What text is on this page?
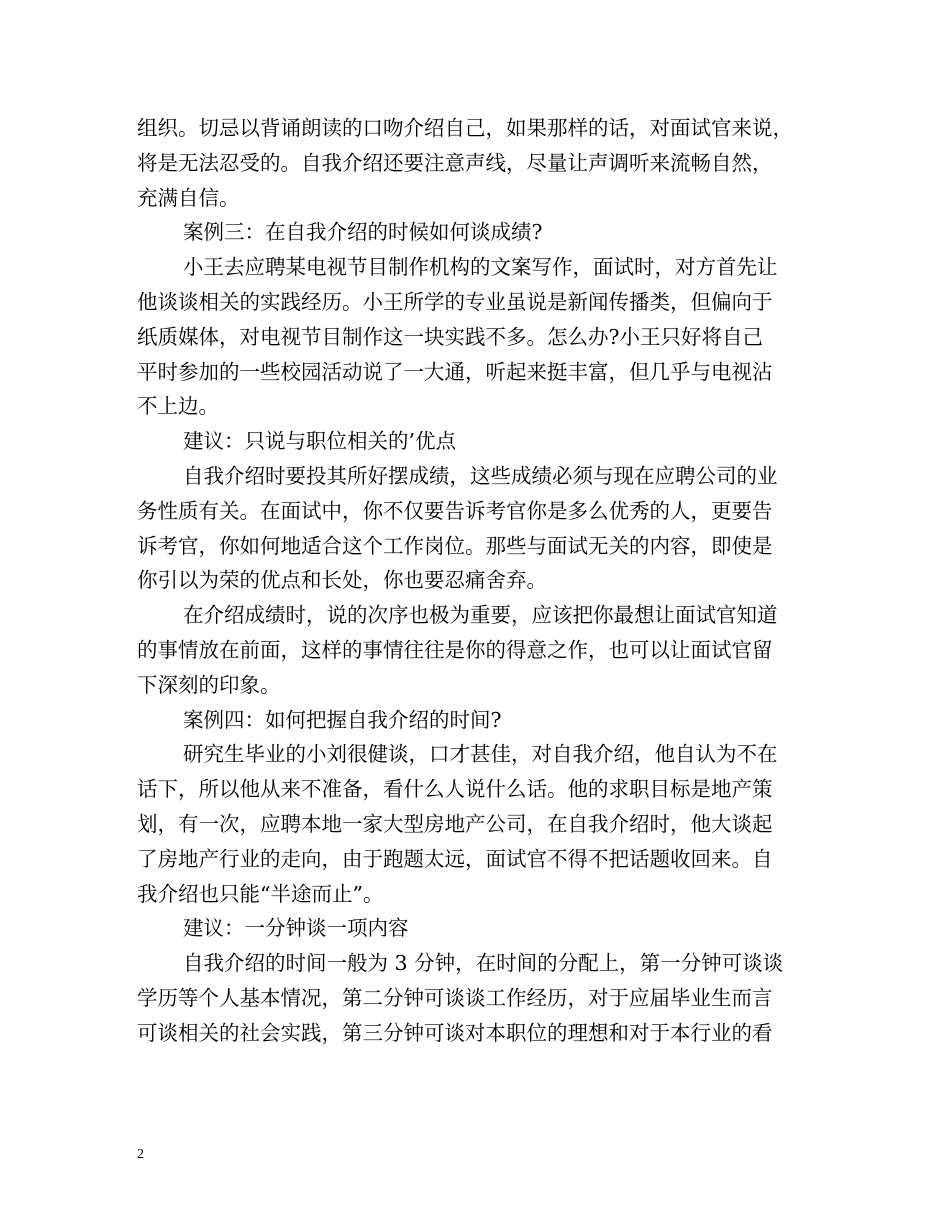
组织。切忌以背诵朗读的口吻介绍自己，如果那样的话，对面试官来说，
将是无法忍受的。自我介绍还要注意声线，尽量让声调听来流畅自然，
充满自信。
案例三：在自我介绍的时候如何谈成绩?
小王去应聘某电视节目制作机构的文案写作，面试时，对方首先让
他谈谈相关的实践经历。小王所学的专业虽说是新闻传播类，但偏向于
纸质媒体，对电视节目制作这一块实践不多。怎么办?小王只好将自己
平时参加的一些校园活动说了一大通，听起来挺丰富，但几乎与电视沾
不上边。
建议：只说与职位相关的’优点
自我介绍时要投其所好摆成绩，这些成绩必须与现在应聘公司的业
务性质有关。在面试中，你不仅要告诉考官你是多么优秀的人，更要告
诉考官，你如何地适合这个工作岗位。那些与面试无关的内容，即使是
你引以为荣的优点和长处，你也要忍痛舍弃。
在介绍成绩时，说的次序也极为重要，应该把你最想让面试官知道
的事情放在前面，这样的事情往往是你的得意之作，也可以让面试官留
下深刻的印象。
案例四：如何把握自我介绍的时间?
研究生毕业的小刘很健谈，口才甚佳，对自我介绍，他自认为不在
话下，所以他从来不准备，看什么人说什么话。他的求职目标是地产策
划，有一次，应聘本地一家大型房地产公司，在自我介绍时，他大谈起
了房地产行业的走向，由于跑题太远，面试官不得不把话题收回来。自
我介绍也只能“半途而止”。
建议：一分钟谈一项内容
自我介绍的时间一般为 3 分钟，在时间的分配上，第一分钟可谈谈
学历等个人基本情况，第二分钟可谈谈工作经历，对于应届毕业生而言
可谈相关的社会实践，第三分钟可谈对本职位的理想和对于本行业的看
2
